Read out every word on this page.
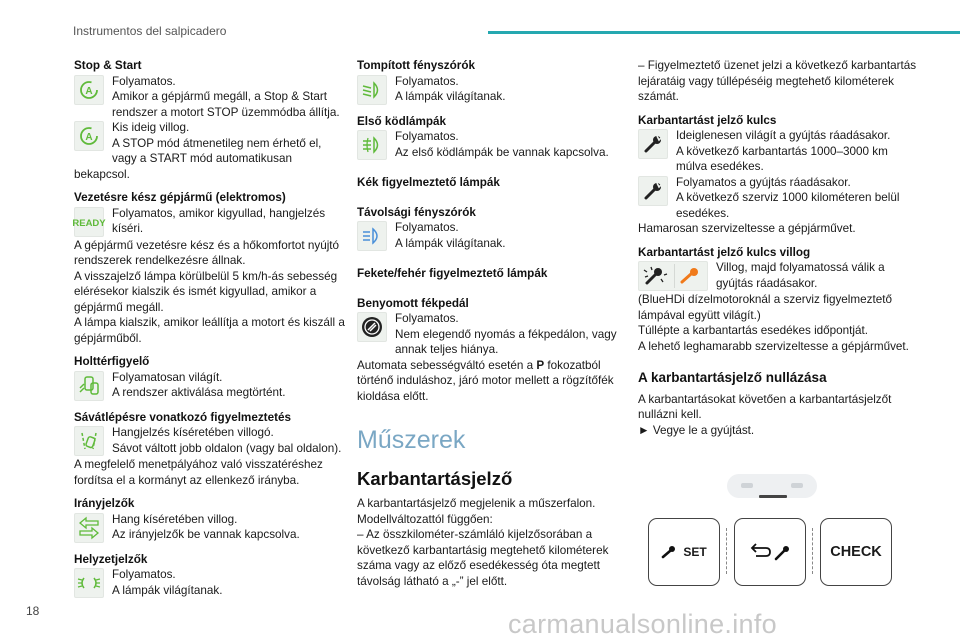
Instrumentos del salpicadero
Stop & Start
A

Folyamatos.

Amikor a gépjármű megáll, a Stop & Start rendszer a motort STOP üzemmódba állítja.

A

Kis ideig villog.

A STOP mód átmenetileg nem érhető el, vagy a START mód automatikusan bekapcsol.

Vezetésre kész gépjármű (elektromos)
READY

Folyamatos, amikor kigyullad, hangjelzés kíséri.

A gépjármű vezetésre kész és a hőkomfortot nyújtó rendszerek rendelkezésre állnak.

A visszajelző lámpa körülbelül 5 km/h-ás sebesség elérésekor kialszik és ismét kigyullad, amikor a gépjármű megáll.

A lámpa kialszik, amikor leállítja a motort és kiszáll a gépjárműből.

Holttérfigyelő

Folyamatosan világít.

A rendszer aktiválása megtörtént.

Sávátlépésre vonatkozó figyelmeztetés

Hangjelzés kíséretében villogó.

Sávot váltott jobb oldalon (vagy bal oldalon).

A megfelelő menetpályához való visszatéréshez fordítsa el a kormányt az ellenkező irányba.

Irányjelzők

Hang kíséretében villog.

Az irányjelzők be vannak kapcsolva.

Helyzetjelzők

Folyamatos.

A lámpák világítanak.

Tompított fényszórók

Folyamatos.

A lámpák világítanak.

Első ködlámpák

Folyamatos.

Az első ködlámpák be vannak kapcsolva.

Kék figyelmeztető lámpák
Távolsági fényszórók

Folyamatos.

A lámpák világítanak.

Fekete/fehér figyelmeztető lámpák
Benyomott fékpedál

Folyamatos.

Nem elegendő nyomás a fékpedálon, vagy annak teljes hiánya.

Automata sebességváltó esetén a P fokozatból történő induláshoz, járó motor mellett a rögzítőfék kioldása előtt.

Műszerek
Karbantartásjelző

A karbantartásjelző megjelenik a műszerfalon.

Modellváltozattól függően:

– Az összkilométer-számláló kijelzősorában a következő karbantartásig megtehető kilométerek száma vagy az előző esedékesség óta megtett távolság látható a „-” jel előtt.

– Figyelmeztető üzenet jelzi a következő karbantartás lejáratáig vagy túllépéséig megtehető kilométerek számát.

Karbantartást jelző kulcs

Ideiglenesen világít a gyújtás ráadásakor.

A következő karbantartás 1000–3000 km múlva esedékes.

Folyamatos a gyújtás ráadásakor.

A következő szerviz 1000 kilométeren belül esedékes.

Hamarosan szervizeltesse a gépjárművet.

Karbantartást jelző kulcs villog

Villog, majd folyamatossá válik a gyújtás ráadásakor.

(BlueHDi dízelmotoroknál a szerviz figyelmeztető lámpával együtt világít.)

Túllépte a karbantartás esedékes időpontját.

A lehető leghamarabb szervizeltesse a gépjárművet.

A karbantartásjelző nullázása

A karbantartásokat követően a karbantartásjelzőt nullázni kell.

► Vegye le a gyújtást.

SET	CHECK
18	carmanualsonline.info
